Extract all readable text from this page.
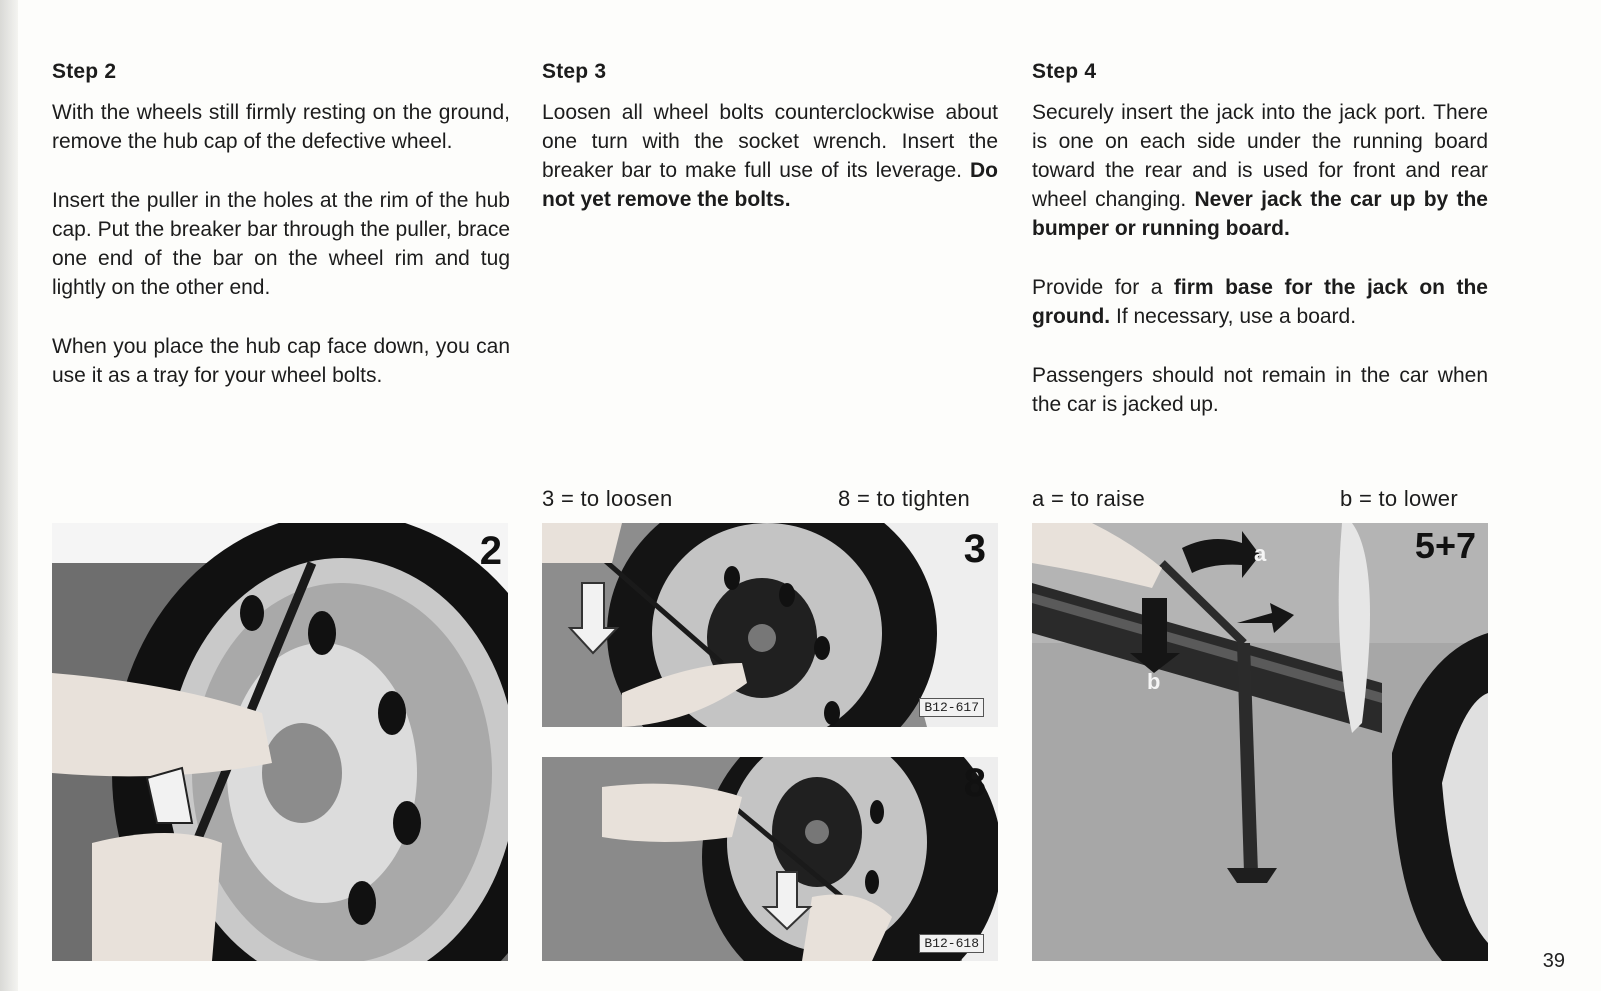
Step 2

With the wheels still firmly resting on the ground, remove the hub cap of the defective wheel.

Insert the puller in the holes at the rim of the hub cap. Put the breaker bar through the puller, brace one end of the bar on the wheel rim and tug lightly on the other end.

When you place the hub cap face down, you can use it as a tray for your wheel bolts.

Step 3

Loosen all wheel bolts counterclockwise about one turn with the socket wrench. Insert the breaker bar to make full use of its leverage. Do not yet remove the bolts.

Step 4

Securely insert the jack into the jack port. There is one on each side under the running board toward the rear and is used for front and rear wheel changing. Never jack the car up by the bumper or running board.

Provide for a firm base for the jack on the ground. If necessary, use a board.

Passengers should not remain in the car when the car is jacked up.

3 = to loosen	8 = to tighten	a = to raise	b = to lower
2	3
B12-617
8
B12-618
5+7
a
b
39
